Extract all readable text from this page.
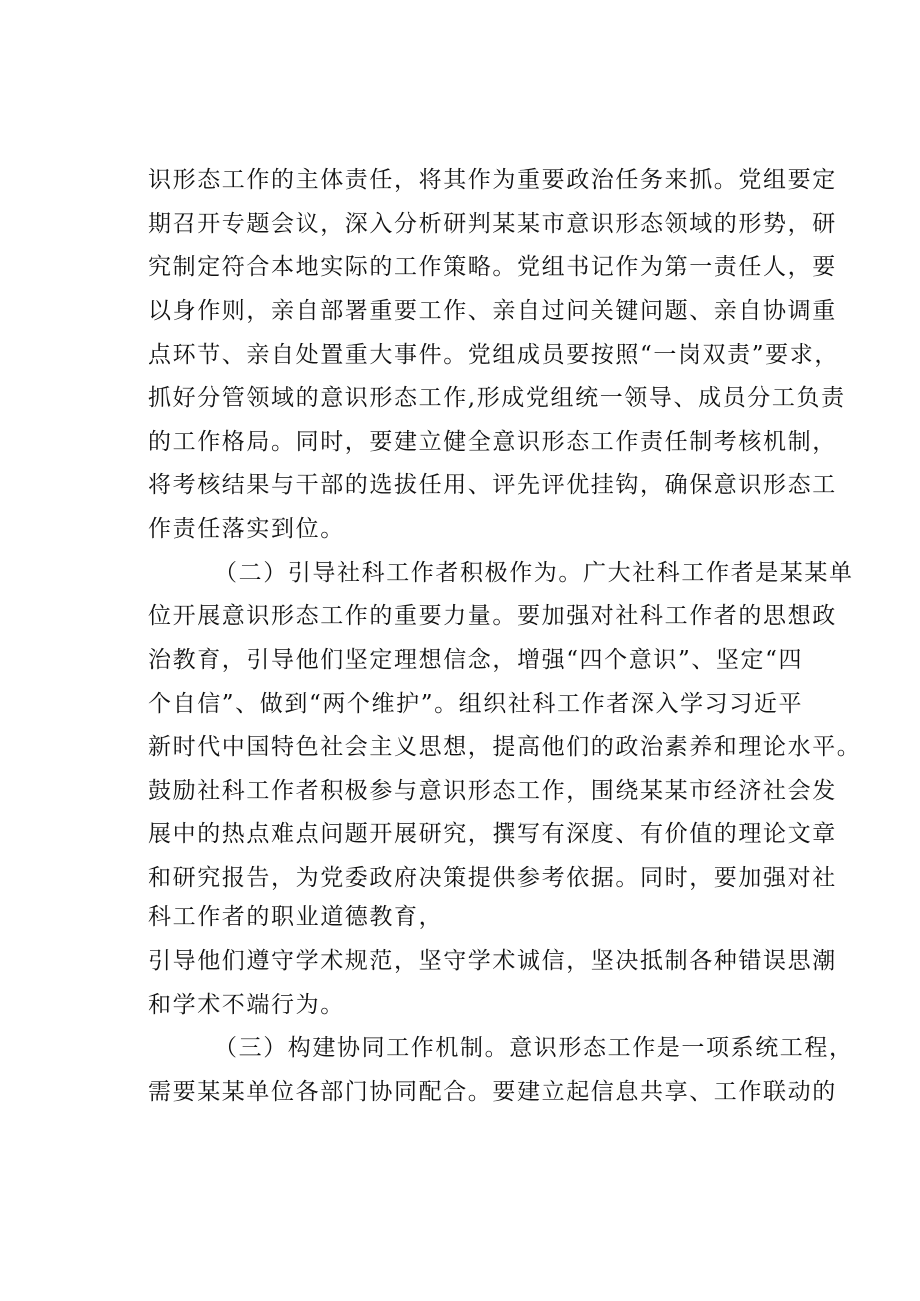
识形态工作的主体责任，将其作为重要政治任务来抓。党组要定
期召开专题会议，深入分析研判某某市意识形态领域的形势，研
究制定符合本地实际的工作策略。党组书记作为第一责任人，要
以身作则，亲自部署重要工作、亲自过问关键问题、亲自协调重
点环节、亲自处置重大事件。党组成员要按照“一岗双责”要求，
抓好分管领域的意识形态工作,形成党组统一领导、成员分工负责
的工作格局。同时，要建立健全意识形态工作责任制考核机制，
将考核结果与干部的选拔任用、评先评优挂钩，确保意识形态工
作责任落实到位。
（二）引导社科工作者积极作为。广大社科工作者是某某单
位开展意识形态工作的重要力量。要加强对社科工作者的思想政
治教育，引导他们坚定理想信念，增强“四个意识”、坚定“四
个自信”、做到“两个维护”。组织社科工作者深入学习习近平
新时代中国特色社会主义思想，提高他们的政治素养和理论水平。
鼓励社科工作者积极参与意识形态工作，围绕某某市经济社会发
展中的热点难点问题开展研究，撰写有深度、有价值的理论文章
和研究报告，为党委政府决策提供参考依据。同时，要加强对社
科工作者的职业道德教育，
引导他们遵守学术规范，坚守学术诚信，坚决抵制各种错误思潮
和学术不端行为。
（三）构建协同工作机制。意识形态工作是一项系统工程，
需要某某单位各部门协同配合。要建立起信息共享、工作联动的
